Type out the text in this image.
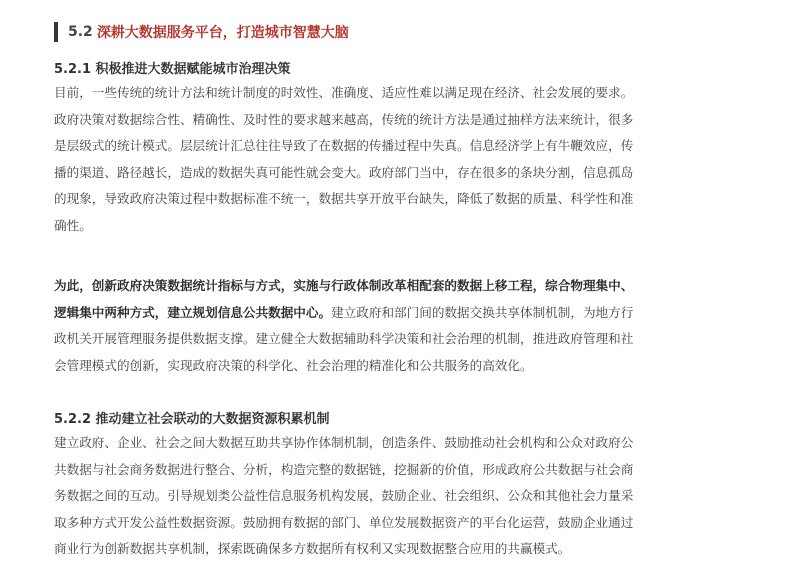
5.2 深耕大数据服务平台，打造城市智慧大脑
5.2.1 积极推进大数据赋能城市治理决策

目前，一些传统的统计方法和统计制度的时效性、准确度、适应性难以满足现在经济、社会发展的要求。
政府决策对数据综合性、精确性、及时性的要求越来越高，传统的统计方法是通过抽样方法来统计，很多
是层级式的统计模式。层层统计汇总往往导致了在数据的传播过程中失真。信息经济学上有牛鞭效应，传
播的渠道、路径越长，造成的数据失真可能性就会变大。政府部门当中，存在很多的条块分割，信息孤岛
的现象，导致政府决策过程中数据标准不统一，数据共享开放平台缺失，降低了数据的质量、科学性和准
确性。

为此，创新政府决策数据统计指标与方式，实施与行政体制改革相配套的数据上移工程，综合物理集中、
逻辑集中两种方式，建立规划信息公共数据中心。建立政府和部门间的数据交换共享体制机制，为地方行
政机关开展管理服务提供数据支撑。建立健全大数据辅助科学决策和社会治理的机制，推进政府管理和社
会管理模式的创新，实现政府决策的科学化、社会治理的精准化和公共服务的高效化。

5.2.2 推动建立社会联动的大数据资源积累机制

建立政府、企业、社会之间大数据互助共享协作体制机制，创造条件、鼓励推动社会机构和公众对政府公
共数据与社会商务数据进行整合、分析，构造完整的数据链，挖掘新的价值，形成政府公共数据与社会商
务数据之间的互动。引导规划类公益性信息服务机构发展，鼓励企业、社会组织、公众和其他社会力量采
取多种方式开发公益性数据资源。鼓励拥有数据的部门、单位发展数据资产的平台化运营，鼓励企业通过
商业行为创新数据共享机制，探索既确保多方数据所有权利又实现数据整合应用的共赢模式。
